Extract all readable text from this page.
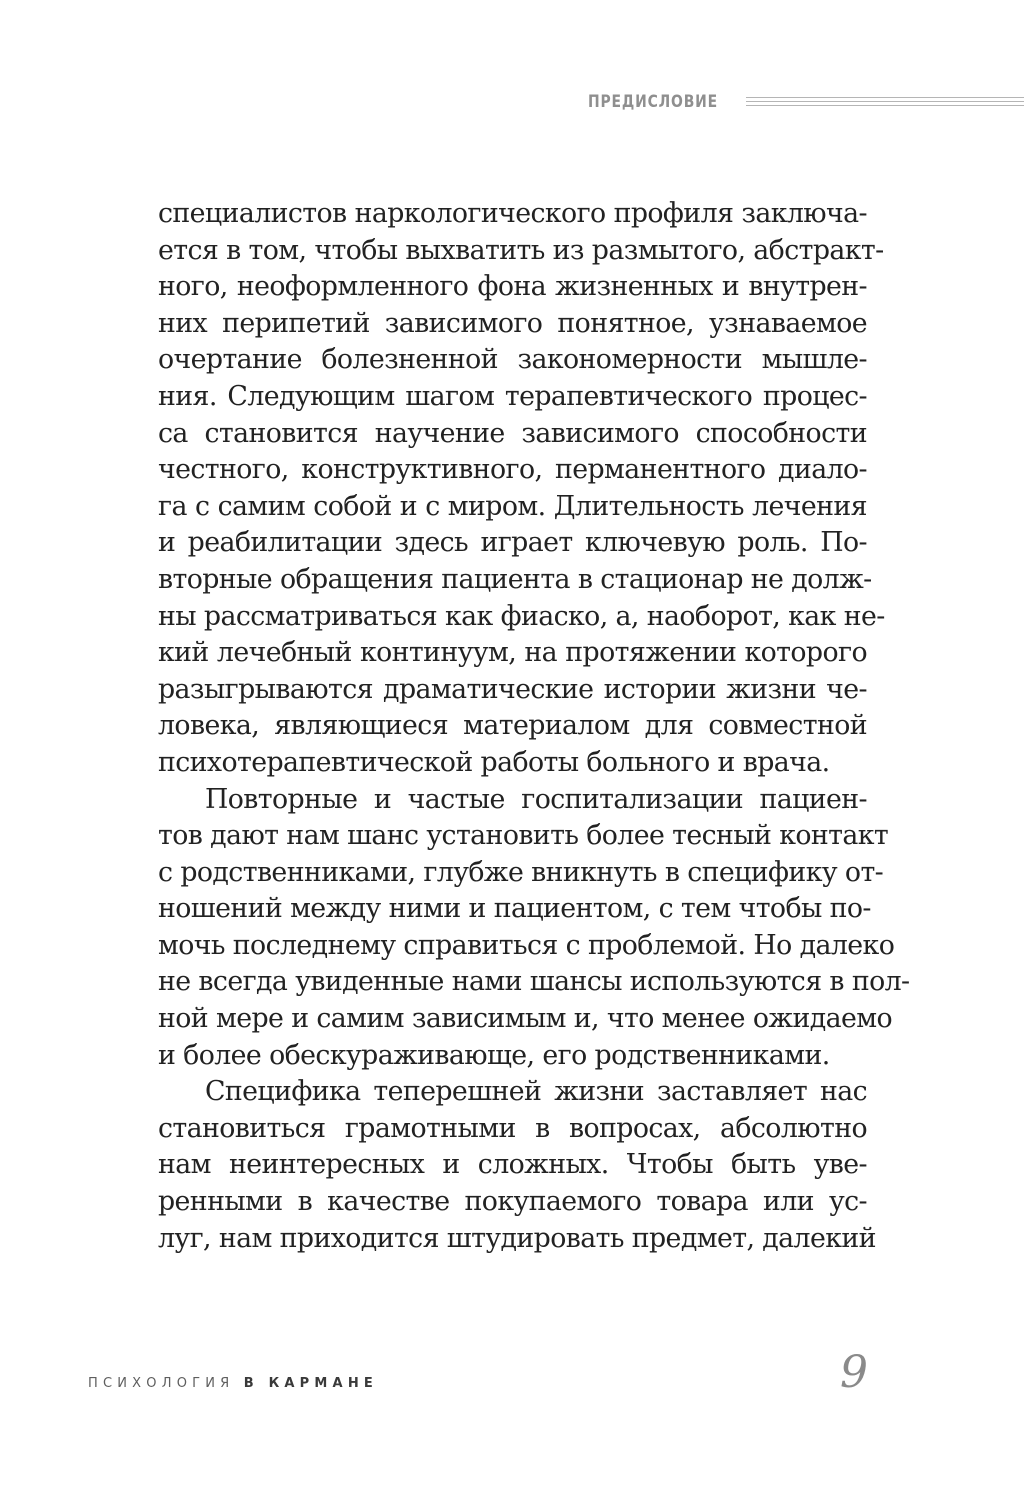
ПРЕДИСЛОВИЕ
специалистов наркологического профиля заключа-
ется в том, чтобы выхватить из размытого, абстракт-
ного, неоформленного фона жизненных и внутрен-
них перипетий зависимого понятное, узнаваемое
очертание болезненной закономерности мышле-
ния. Следующим шагом терапевтического процес-
са становится научение зависимого способности
честного, конструктивного, перманентного диало-
га с самим собой и с миром. Длительность лечения
и реабилитации здесь играет ключевую роль. По-
вторные обращения пациента в стационар не долж-
ны рассматриваться как фиаско, а, наоборот, как не-
кий лечебный континуум, на протяжении которого
разыгрываются драматические истории жизни че-
ловека, являющиеся материалом для совместной
психотерапевтической работы больного и врача.
Повторные и частые госпитализации пациен-
тов дают нам шанс установить более тесный контакт
с родственниками, глубже вникнуть в специфику от-
ношений между ними и пациентом, с тем чтобы по-
мочь последнему справиться с проблемой. Но далеко
не всегда увиденные нами шансы используются в пол-
ной мере и самим зависимым и, что менее ожидаемо
и более обескураживающе, его родственниками.
Специфика теперешней жизни заставляет нас
становиться грамотными в вопросах, абсолютно
нам неинтересных и сложных. Чтобы быть уве-
ренными в качестве покупаемого товара или ус-
луг, нам приходится штудировать предмет, далекий
ПСИХОЛОГИЯ В КАРМАНЕ	9
